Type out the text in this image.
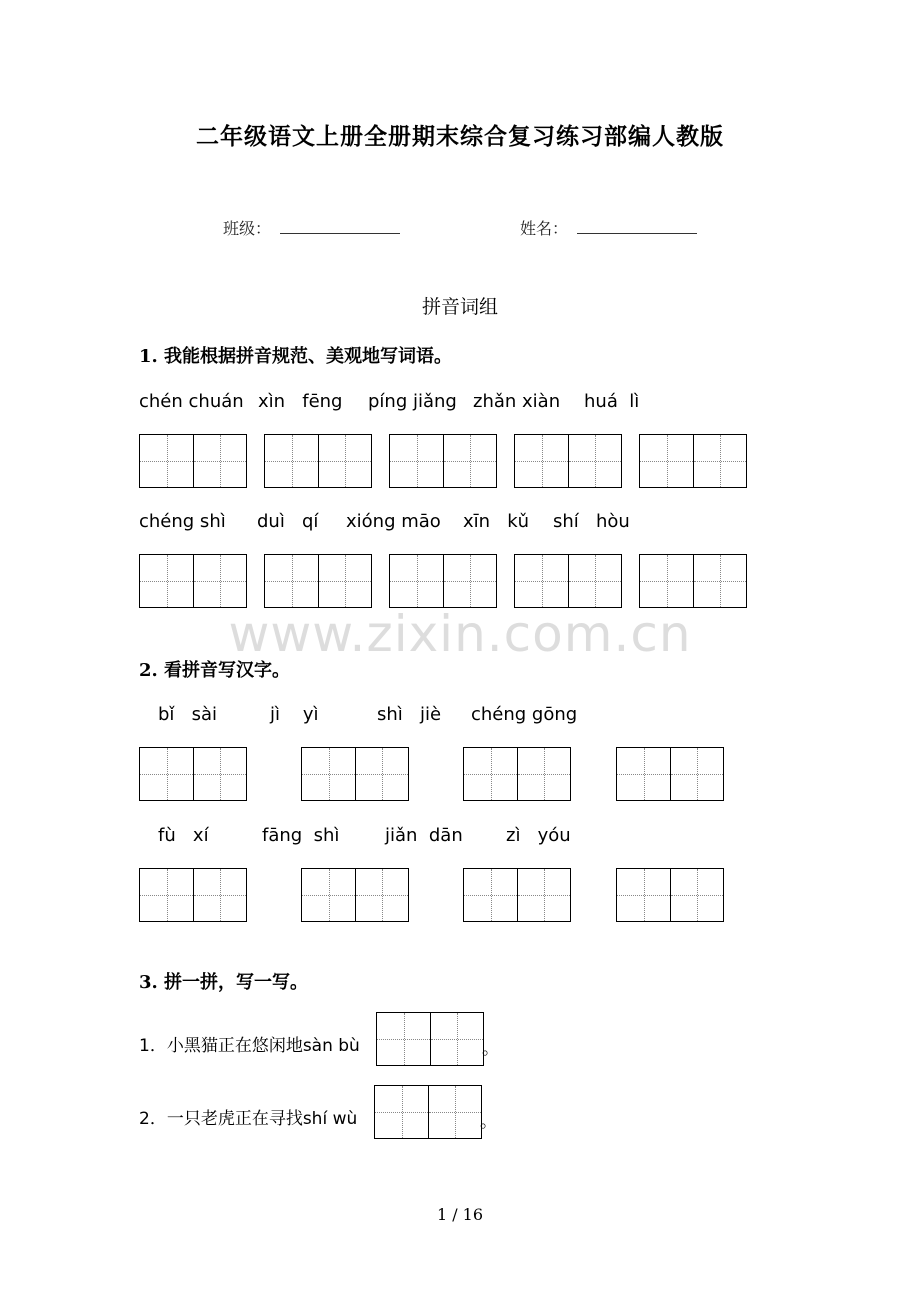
二年级语文上册全册期末综合复习练习部编人教版
班级：	姓名：
拼音词组
1. 我能根据拼音规范、美观地写词语。
chén chuán xìn   fēng píng jiǎng zhǎn xiàn huá  lì
chéng shì duì   qí xióng māo xīn   kǔ shí   hòu
www.zixin.com.cn
2. 看拼音写汉字。
bǐ   sài	jì    yì	shì   jiè chéng gōng
fù   xí	fāng  shì	jiǎn  dān zì   yóu
3. 拼一拼，写一写。
1．小黑猫正在悠闲地sàn bù	。
2．一只老虎正在寻找shí wù	。
1 / 16
